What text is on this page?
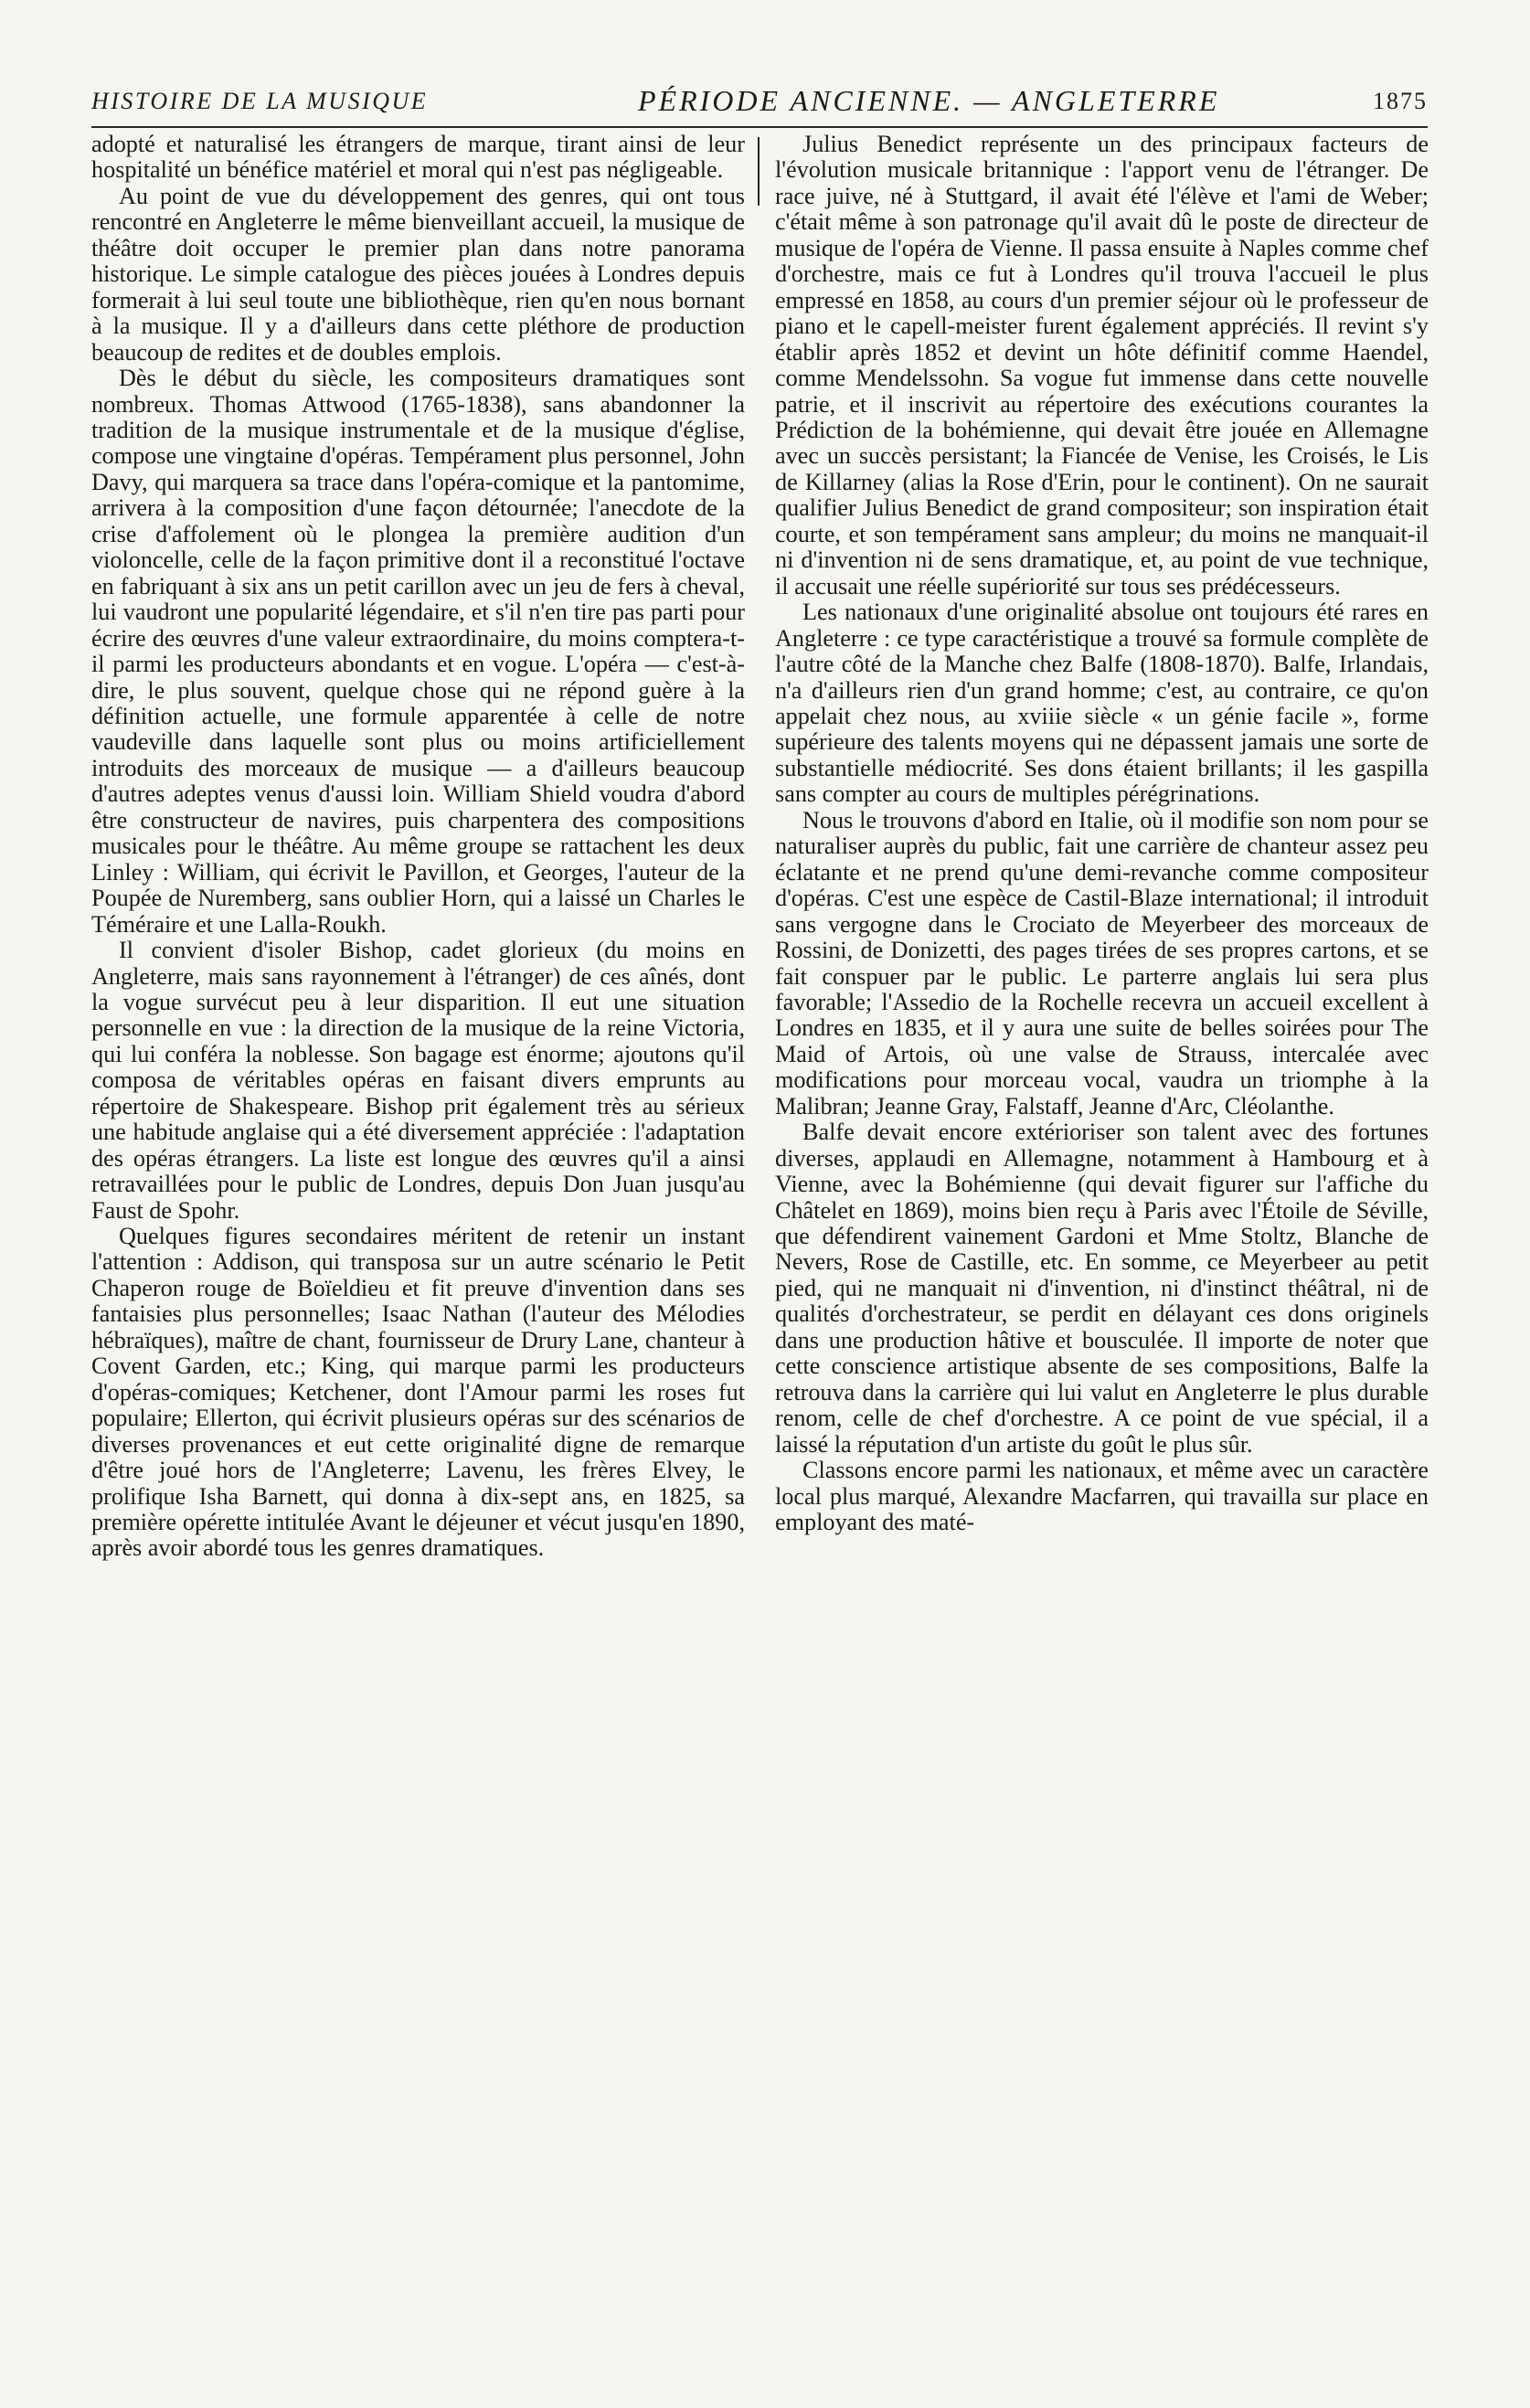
HISTOIRE DE LA MUSIQUE	PÉRIODE ANCIENNE. — ANGLETERRE	1875

adopté et naturalisé les étrangers de marque, tirant ainsi de leur hospitalité un bénéfice matériel et moral qui n'est pas négligeable.

Au point de vue du développement des genres, qui ont tous rencontré en Angleterre le même bienveillant accueil, la musique de théâtre doit occuper le premier plan dans notre panorama historique. Le simple catalogue des pièces jouées à Londres depuis formerait à lui seul toute une bibliothèque, rien qu'en nous bornant à la musique. Il y a d'ailleurs dans cette pléthore de production beaucoup de redites et de doubles emplois.

Dès le début du siècle, les compositeurs dramatiques sont nombreux. Thomas Attwood (1765-1838), sans abandonner la tradition de la musique instrumentale et de la musique d'église, compose une vingtaine d'opéras. Tempérament plus personnel, John Davy, qui marquera sa trace dans l'opéra-comique et la pantomime, arrivera à la composition d'une façon détournée; l'anecdote de la crise d'affolement où le plongea la première audition d'un violoncelle, celle de la façon primitive dont il a reconstitué l'octave en fabriquant à six ans un petit carillon avec un jeu de fers à cheval, lui vaudront une popularité légendaire, et s'il n'en tire pas parti pour écrire des œuvres d'une valeur extraordinaire, du moins comptera-t-il parmi les producteurs abondants et en vogue. L'opéra — c'est-à-dire, le plus souvent, quelque chose qui ne répond guère à la définition actuelle, une formule apparentée à celle de notre vaudeville dans laquelle sont plus ou moins artificiellement introduits des morceaux de musique — a d'ailleurs beaucoup d'autres adeptes venus d'aussi loin. William Shield voudra d'abord être constructeur de navires, puis charpentera des compositions musicales pour le théâtre. Au même groupe se rattachent les deux Linley : William, qui écrivit le Pavillon, et Georges, l'auteur de la Poupée de Nuremberg, sans oublier Horn, qui a laissé un Charles le Téméraire et une Lalla-Roukh.

Il convient d'isoler Bishop, cadet glorieux (du moins en Angleterre, mais sans rayonnement à l'étranger) de ces aînés, dont la vogue survécut peu à leur disparition. Il eut une situation personnelle en vue : la direction de la musique de la reine Victoria, qui lui conféra la noblesse. Son bagage est énorme; ajoutons qu'il composa de véritables opéras en faisant divers emprunts au répertoire de Shakespeare. Bishop prit également très au sérieux une habitude anglaise qui a été diversement appréciée : l'adaptation des opéras étrangers. La liste est longue des œuvres qu'il a ainsi retravaillées pour le public de Londres, depuis Don Juan jusqu'au Faust de Spohr.

Quelques figures secondaires méritent de retenir un instant l'attention : Addison, qui transposa sur un autre scénario le Petit Chaperon rouge de Boïeldieu et fit preuve d'invention dans ses fantaisies plus personnelles; Isaac Nathan (l'auteur des Mélodies hébraïques), maître de chant, fournisseur de Drury Lane, chanteur à Covent Garden, etc.; King, qui marque parmi les producteurs d'opéras-comiques; Ketchener, dont l'Amour parmi les roses fut populaire; Ellerton, qui écrivit plusieurs opéras sur des scénarios de diverses provenances et eut cette originalité digne de remarque d'être joué hors de l'Angleterre; Lavenu, les frères Elvey, le prolifique Isha Barnett, qui donna à dix-sept ans, en 1825, sa première opérette intitulée Avant le déjeuner et vécut jusqu'en 1890, après avoir abordé tous les genres dramatiques.

Julius Benedict représente un des principaux facteurs de l'évolution musicale britannique : l'apport venu de l'étranger. De race juive, né à Stuttgard, il avait été l'élève et l'ami de Weber; c'était même à son patronage qu'il avait dû le poste de directeur de musique de l'opéra de Vienne. Il passa ensuite à Naples comme chef d'orchestre, mais ce fut à Londres qu'il trouva l'accueil le plus empressé en 1858, au cours d'un premier séjour où le professeur de piano et le capell-meister furent également appréciés. Il revint s'y établir après 1852 et devint un hôte définitif comme Haendel, comme Mendelssohn. Sa vogue fut immense dans cette nouvelle patrie, et il inscrivit au répertoire des exécutions courantes la Prédiction de la bohémienne, qui devait être jouée en Allemagne avec un succès persistant; la Fiancée de Venise, les Croisés, le Lis de Killarney (alias la Rose d'Erin, pour le continent). On ne saurait qualifier Julius Benedict de grand compositeur; son inspiration était courte, et son tempérament sans ampleur; du moins ne manquait-il ni d'invention ni de sens dramatique, et, au point de vue technique, il accusait une réelle supériorité sur tous ses prédécesseurs.

Les nationaux d'une originalité absolue ont toujours été rares en Angleterre : ce type caractéristique a trouvé sa formule complète de l'autre côté de la Manche chez Balfe (1808-1870). Balfe, Irlandais, n'a d'ailleurs rien d'un grand homme; c'est, au contraire, ce qu'on appelait chez nous, au xviiie siècle « un génie facile », forme supérieure des talents moyens qui ne dépassent jamais une sorte de substantielle médiocrité. Ses dons étaient brillants; il les gaspilla sans compter au cours de multiples pérégrinations.

Nous le trouvons d'abord en Italie, où il modifie son nom pour se naturaliser auprès du public, fait une carrière de chanteur assez peu éclatante et ne prend qu'une demi-revanche comme compositeur d'opéras. C'est une espèce de Castil-Blaze international; il introduit sans vergogne dans le Crociato de Meyerbeer des morceaux de Rossini, de Donizetti, des pages tirées de ses propres cartons, et se fait conspuer par le public. Le parterre anglais lui sera plus favorable; l'Assedio de la Rochelle recevra un accueil excellent à Londres en 1835, et il y aura une suite de belles soirées pour The Maid of Artois, où une valse de Strauss, intercalée avec modifications pour morceau vocal, vaudra un triomphe à la Malibran; Jeanne Gray, Falstaff, Jeanne d'Arc, Cléolanthe.

Balfe devait encore extérioriser son talent avec des fortunes diverses, applaudi en Allemagne, notamment à Hambourg et à Vienne, avec la Bohémienne (qui devait figurer sur l'affiche du Châtelet en 1869), moins bien reçu à Paris avec l'Étoile de Séville, que défendirent vainement Gardoni et Mme Stoltz, Blanche de Nevers, Rose de Castille, etc. En somme, ce Meyerbeer au petit pied, qui ne manquait ni d'invention, ni d'instinct théâtral, ni de qualités d'orchestrateur, se perdit en délayant ces dons originels dans une production hâtive et bousculée. Il importe de noter que cette conscience artistique absente de ses compositions, Balfe la retrouva dans la carrière qui lui valut en Angleterre le plus durable renom, celle de chef d'orchestre. A ce point de vue spécial, il a laissé la réputation d'un artiste du goût le plus sûr.

Classons encore parmi les nationaux, et même avec un caractère local plus marqué, Alexandre Macfarren, qui travailla sur place en employant des maté-
